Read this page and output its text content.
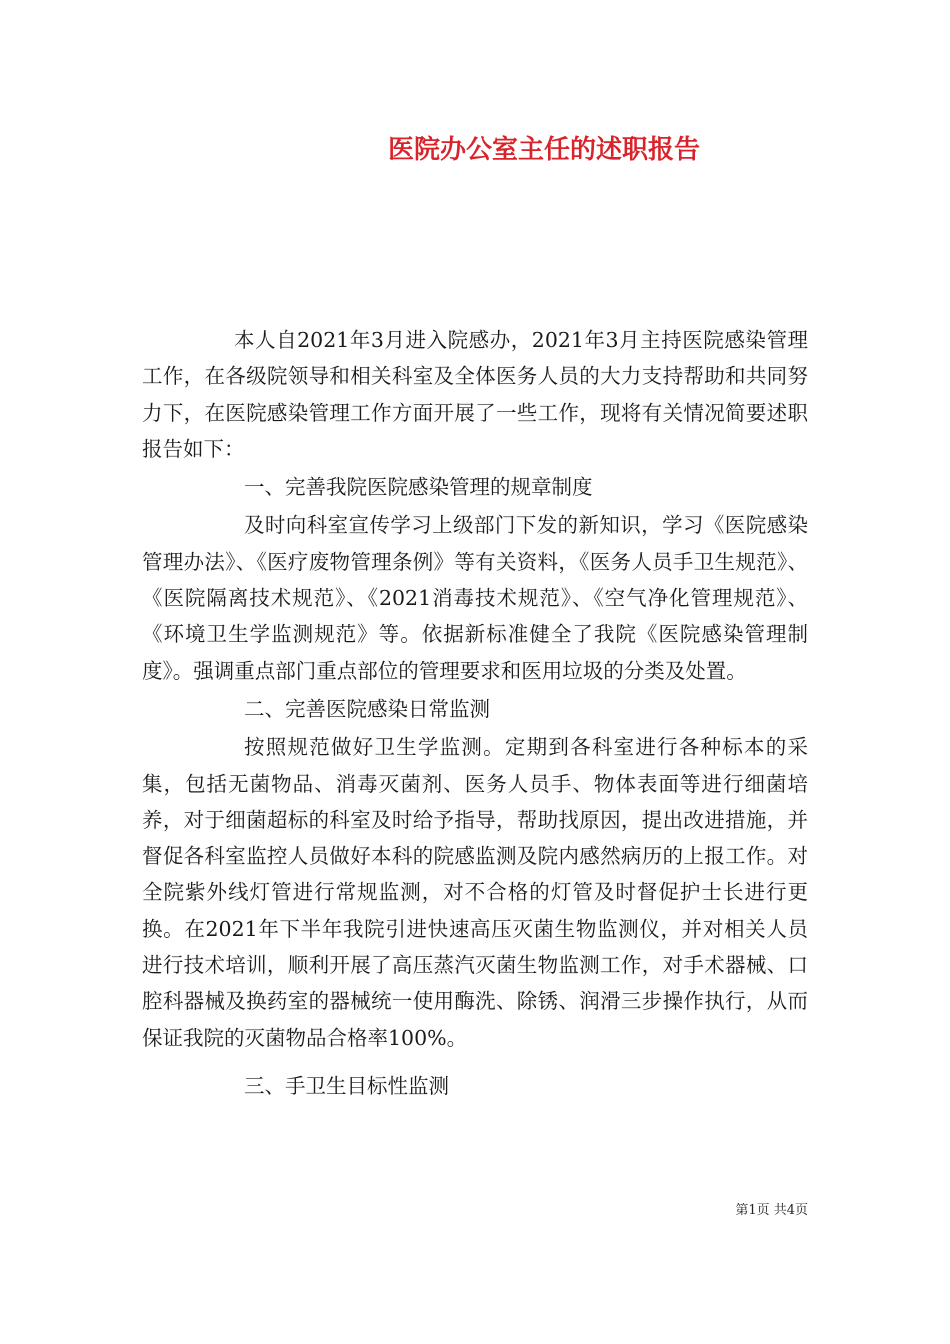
医院办公室主任的述职报告

本人自2021年3月进入院感办，2021年3月主持医院感染管理工作，在各级院领导和相关科室及全体医务人员的大力支持帮助和共同努力下，在医院感染管理工作方面开展了一些工作，现将有关情况简要述职报告如下：

一、完善我院医院感染管理的规章制度

及时向科室宣传学习上级部门下发的新知识，学习《医院感染管理办法》、《医疗废物管理条例》等有关资料，《医务人员手卫生规范》、《医院隔离技术规范》、《2021消毒技术规范》、《空气净化管理规范》、《环境卫生学监测规范》等。依据新标准健全了我院《医院感染管理制度》。强调重点部门重点部位的管理要求和医用垃圾的分类及处置。

二、完善医院感染日常监测

按照规范做好卫生学监测。定期到各科室进行各种标本的采集，包括无菌物品、消毒灭菌剂、医务人员手、物体表面等进行细菌培养，对于细菌超标的科室及时给予指导，帮助找原因，提出改进措施，并督促各科室监控人员做好本科的院感监测及院内感然病历的上报工作。对全院紫外线灯管进行常规监测，对不合格的灯管及时督促护士长进行更换。在2021年下半年我院引进快速高压灭菌生物监测仪，并对相关人员进行技术培训，顺利开展了高压蒸汽灭菌生物监测工作，对手术器械、口腔科器械及换药室的器械统一使用酶洗、除锈、润滑三步操作执行，从而保证我院的灭菌物品合格率100%。

三、手卫生目标性监测

第1页 共4页
